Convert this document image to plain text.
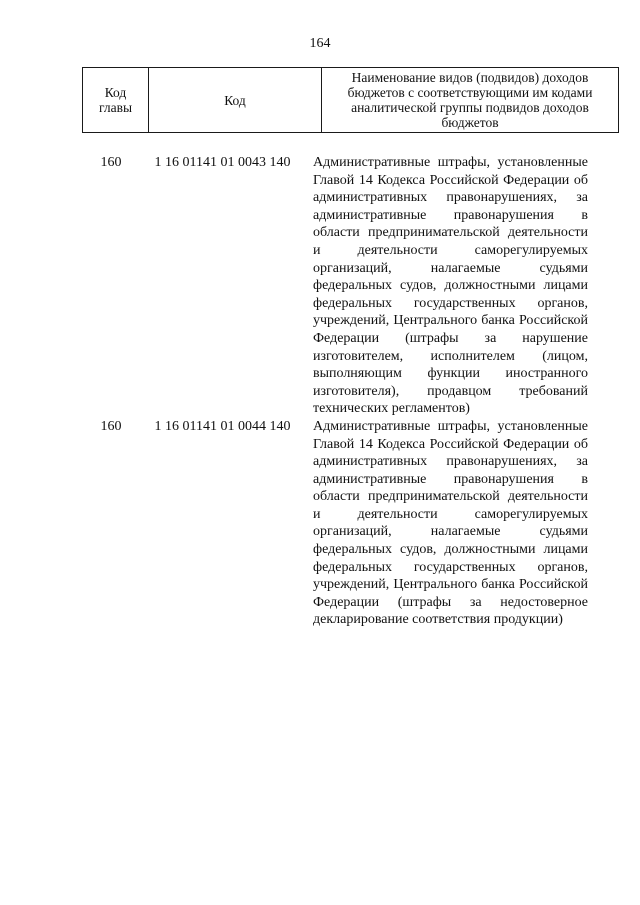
164
Код главы	Код	Наименование видов (подвидов) доходов бюджетов с соответствующими им кодами аналитической группы подвидов доходов бюджетов
160	1 16 01141 01 0043 140	Административные штрафы, установленные Главой 14 Кодекса Российской Федерации об административных правонарушениях, за административные правонарушения в области предпринимательской деятельности и деятельности саморегулируемых организаций, налагаемые судьями федеральных судов, должностными лицами федеральных государственных органов, учреждений, Центрального банка Российской Федерации (штрафы за нарушение изготовителем, исполнителем (лицом, выполняющим функции иностранного изготовителя), продавцом требований технических регламентов)
160	1 16 01141 01 0044 140	Административные штрафы, установленные Главой 14 Кодекса Российской Федерации об административных правонарушениях, за административные правонарушения в области предпринимательской деятельности и деятельности саморегулируемых организаций, налагаемые судьями федеральных судов, должностными лицами федеральных государственных органов, учреждений, Центрального банка Российской Федерации (штрафы за недостоверное декларирование соответствия продукции)
